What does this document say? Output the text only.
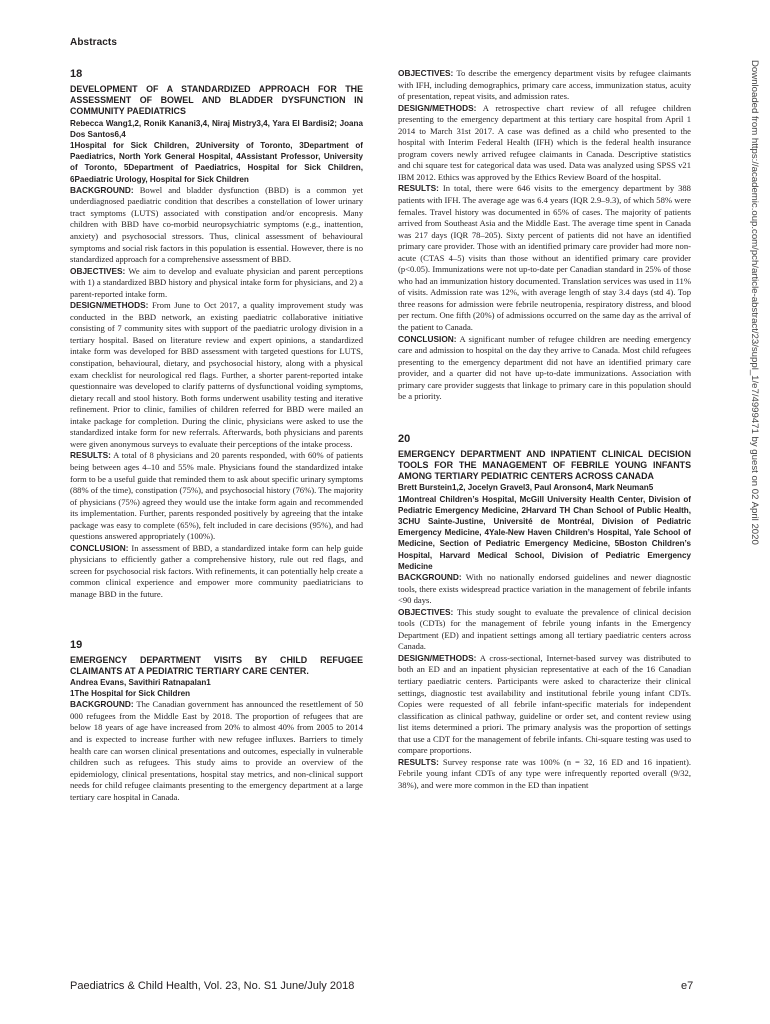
Abstracts
18

DEVELOPMENT OF A STANDARDIZED APPROACH FOR THE ASSESSMENT OF BOWEL AND BLADDER DYSFUNCTION IN COMMUNITY PAEDIATRICS

Rebecca Wang1,2, Ronik Kanani3,4, Niraj Mistry3,4, Yara El Bardisi2; Joana Dos Santos6,4

1Hospital for Sick Children, 2University of Toronto, 3Department of Paediatrics, North York General Hospital, 4Assistant Professor, University of Toronto, 5Department of Paediatrics, Hospital for Sick Children, 6Paediatric Urology, Hospital for Sick Children

BACKGROUND: Bowel and bladder dysfunction (BBD) is a common yet underdiagnosed paediatric condition that describes a constellation of lower urinary tract symptoms (LUTS) associated with constipation and/or encopresis. Many children with BBD have co-morbid neuropsychiatric symptoms (e.g., inattention, anxiety) and psychosocial stressors. Thus, clinical assessment of behavioural symptoms and social risk factors in this population is essential. However, there is no standardized approach for a comprehensive assessment of BBD.

OBJECTIVES: We aim to develop and evaluate physician and parent perceptions with 1) a standardized BBD history and physical intake form for physicians, and 2) a parent-reported intake form.

DESIGN/METHODS: From June to Oct 2017, a quality improvement study was conducted in the BBD network, an existing paediatric collaborative initiative consisting of 7 community sites with support of the paediatric urology division in a tertiary hospital. Based on literature review and expert opinions, a standardized intake form was developed for BBD assessment with targeted questions for LUTS, constipation, behavioural, dietary, and psychosocial history, along with a physical exam checklist for neurological red flags. Further, a shorter parent-reported intake questionnaire was developed to clarify patterns of dysfunctional voiding symptoms, dietary recall and stool history. Both forms underwent usability testing and iterative refinement. Prior to clinic, families of children referred for BBD were mailed an intake package for completion. During the clinic, physicians were asked to use the standardized intake form for new referrals. Afterwards, both physicians and parents were given anonymous surveys to evaluate their perceptions of the intake process.

RESULTS: A total of 8 physicians and 20 parents responded, with 60% of patients being between ages 4–10 and 55% male. Physicians found the standardized intake form to be a useful guide that reminded them to ask about specific urinary symptoms (88% of the time), constipation (75%), and psychosocial history (76%). The majority of physicians (75%) agreed they would use the intake form again and recommended its implementation. Further, parents responded positively by agreeing that the intake package was easy to complete (65%), felt included in care decisions (95%), and had questions answered appropriately (100%).

CONCLUSION: In assessment of BBD, a standardized intake form can help guide physicians to efficiently gather a comprehensive history, rule out red flags, and screen for psychosocial risk factors. With refinements, it can potentially help create a common clinical experience and empower more community paediatricians to manage BBD in the future.

19

EMERGENCY DEPARTMENT VISITS BY CHILD REFUGEE CLAIMANTS AT A PEDIATRIC TERTIARY CARE CENTER.

Andrea Evans, Savithiri Ratnapalan1

1The Hospital for Sick Children

BACKGROUND: The Canadian government has announced the resettlement of 50 000 refugees from the Middle East by 2018. The proportion of refugees that are below 18 years of age have increased from 20% to almost 40% from 2005 to 2014 and is expected to increase further with new refugee influxes. Barriers to timely health care can worsen clinical presentations and outcomes, especially in vulnerable children such as refugees. This study aims to provide an overview of the epidemiology, clinical presentations, hospital stay metrics, and non-clinical support needs for child refugee claimants presenting to the emergency department at a large tertiary care hospital in Canada.

OBJECTIVES: To describe the emergency department visits by refugee claimants with IFH, including demographics, primary care access, immunization status, acuity of presentation, repeat visits, and admission rates.

DESIGN/METHODS: A retrospective chart review of all refugee children presenting to the emergency department at this tertiary care hospital from April 1 2014 to March 31st 2017. A case was defined as a child who presented to the hospital with Interim Federal Health (IFH) which is the federal health insurance program covers newly arrived refugee claimants in Canada. Descriptive statistics and chi square test for categorical data was used. Data was analyzed using SPSS v21 IBM 2012. Ethics was approved by the Ethics Review Board of the hospital.

RESULTS: In total, there were 646 visits to the emergency department by 388 patients with IFH. The average age was 6.4 years (IQR 2.9–9.3), of which 58% were females. Travel history was documented in 65% of cases. The majority of patients arrived from Southeast Asia and the Middle East. The average time spent in Canada was 217 days (IQR 78–205). Sixty percent of patients did not have an identified primary care provider. Those with an identified primary care provider had more non-acute (CTAS 4–5) visits than those without an identified primary care provider (p<0.05). Immunizations were not up-to-date per Canadian standard in 25% of those who had an immunization history documented. Translation services was used in 11% of visits. Admission rate was 12%, with average length of stay 3.4 days (std 4). Top three reasons for admission were febrile neutropenia, respiratory distress, and blood per rectum. One fifth (20%) of admissions occurred on the same day as the arrival of the patient to Canada.

CONCLUSION: A significant number of refugee children are needing emergency care and admission to hospital on the day they arrive to Canada. Most child refugees presenting to the emergency department did not have an identified primary care provider, and a quarter did not have up-to-date immunizations. Association with primary care provider suggests that linkage to primary care in this population should be a priority.

20

EMERGENCY DEPARTMENT AND INPATIENT CLINICAL DECISION TOOLS FOR THE MANAGEMENT OF FEBRILE YOUNG INFANTS AMONG TERTIARY PEDIATRIC CENTERS ACROSS CANADA

Brett Burstein1,2, Jocelyn Gravel3, Paul Aronson4, Mark Neuman5

1Montreal Children’s Hospital, McGill University Health Center, Division of Pediatric Emergency Medicine, 2Harvard TH Chan School of Public Health, 3CHU Sainte-Justine, Université de Montréal, Division of Pediatric Emergency Medicine, 4Yale-New Haven Children’s Hospital, Yale School of Medicine, Section of Pediatric Emergency Medicine, 5Boston Children’s Hospital, Harvard Medical School, Division of Pediatric Emergency Medicine

BACKGROUND: With no nationally endorsed guidelines and newer diagnostic tools, there exists widespread practice variation in the management of febrile infants <90 days.

OBJECTIVES: This study sought to evaluate the prevalence of clinical decision tools (CDTs) for the management of febrile young infants in the Emergency Department (ED) and inpatient settings among all tertiary paediatric centers across Canada.

DESIGN/METHODS: A cross-sectional, Internet-based survey was distributed to both an ED and an inpatient physician representative at each of the 16 Canadian tertiary paediatric centers. Participants were asked to characterize their clinical settings, diagnostic test availability and institutional febrile young infant CDTs. Copies were requested of all febrile infant-specific materials for independent classification as clinical pathway, guideline or order set, and content review using list items determined a priori. The primary analysis was the proportion of settings that use a CDT for the management of febrile infants. Chi-square testing was used to compare proportions.

RESULTS: Survey response rate was 100% (n = 32, 16 ED and 16 inpatient). Febrile young infant CDTs of any type were infrequently reported overall (9/32, 38%), and were more common in the ED than inpatient

Downloaded from https://academic.oup.com/pch/article-abstract/23/suppl_1/e7/4999471 by guest on 02 April 2020
Paediatrics & Child Health, Vol. 23, No. S1 June/July 2018	e7
